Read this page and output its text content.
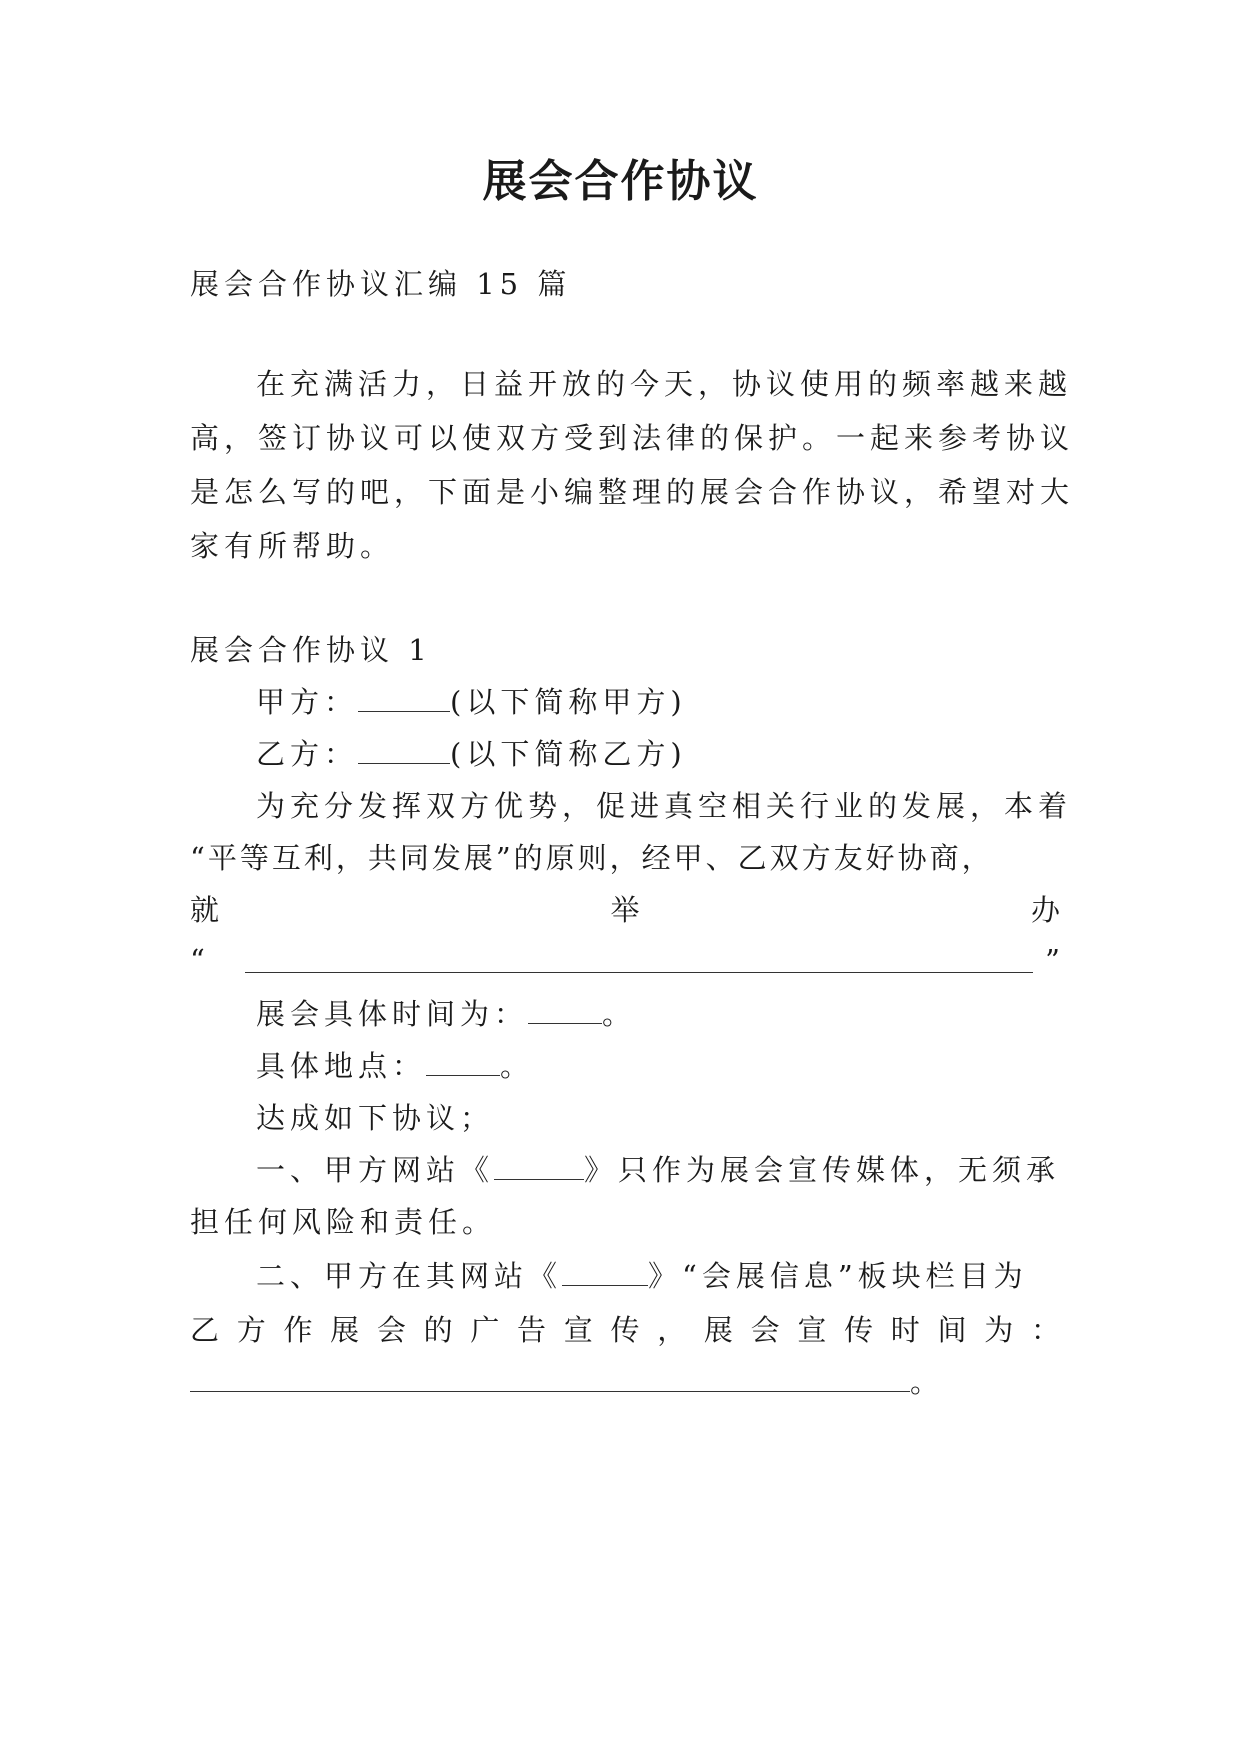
展会合作协议
展会合作协议汇编 15 篇
在充满活力，日益开放的今天，协议使用的频率越来越
高，签订协议可以使双方受到法律的保护。一起来参考协议
是怎么写的吧，下面是小编整理的展会合作协议，希望对大
家有所帮助。
展会合作协议 1
甲方：	(以下简称甲方)
乙方：	(以下简称乙方)
为充分发挥双方优势，促进真空相关行业的发展，本着
“平等互利，共同发展”的原则，经甲、乙双方友好协商，
就	举	办
“	”
展会具体时间为：	。
具体地点：	。
达成如下协议；
一、甲方网站《	》只作为展会宣传媒体，无须承
担任何风险和责任。
二、甲方在其网站《	》“会展信息”板块栏目为
乙 方 作 展 会 的 广 告 宣 传 ， 展 会 宣 传 时 间 为 ：
。
